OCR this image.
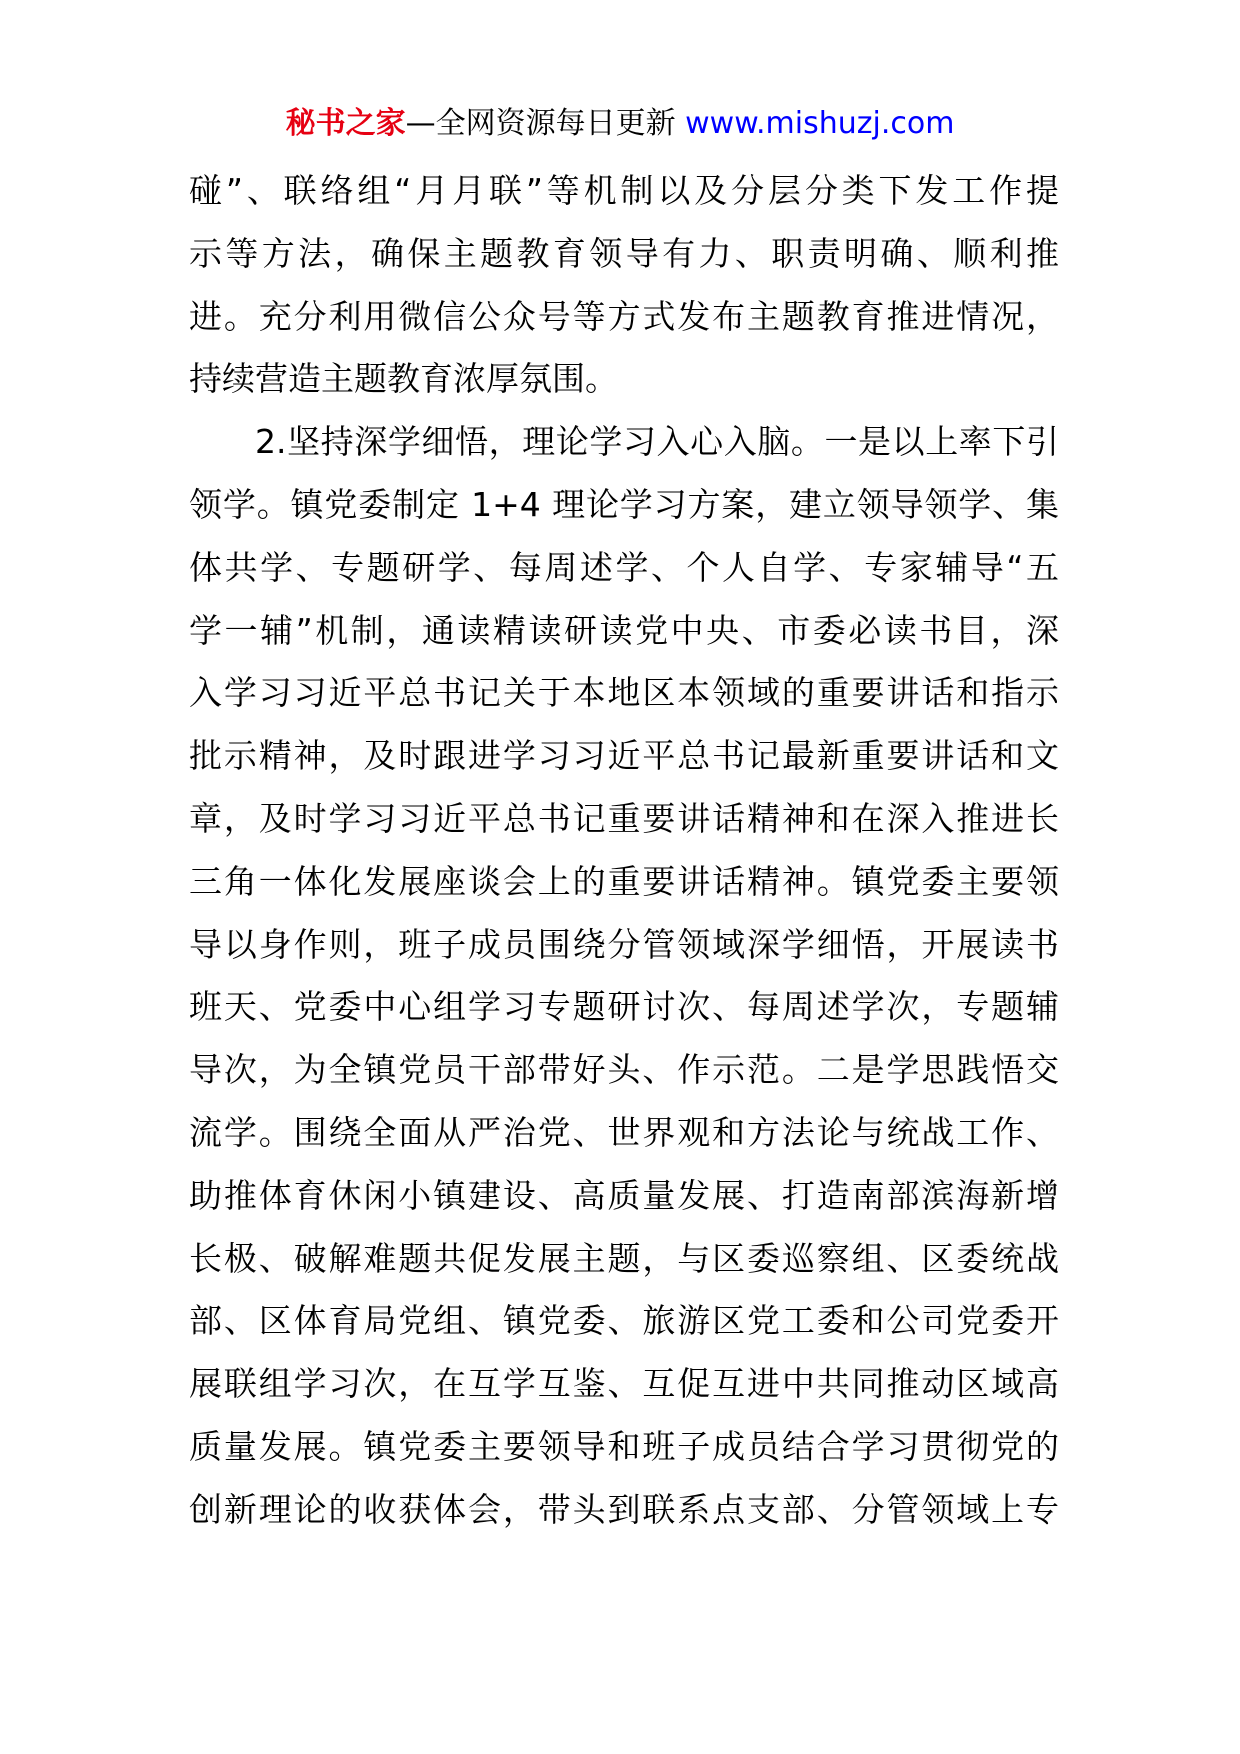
秘书之家—全网资源每日更新 www.mishuzj.com
碰”、联络组“月月联”等机制以及分层分类下发工作提
示等方法，确保主题教育领导有力、职责明确、顺利推
进。充分利用微信公众号等方式发布主题教育推进情况，
持续营造主题教育浓厚氛围。
2.坚持深学细悟，理论学习入心入脑。一是以上率下引
领学。镇党委制定 1+4 理论学习方案，建立领导领学、集
体共学、专题研学、每周述学、个人自学、专家辅导“五
学一辅”机制，通读精读研读党中央、市委必读书目，深
入学习习近平总书记关于本地区本领域的重要讲话和指示
批示精神，及时跟进学习习近平总书记最新重要讲话和文
章，及时学习习近平总书记重要讲话精神和在深入推进长
三角一体化发展座谈会上的重要讲话精神。镇党委主要领
导以身作则，班子成员围绕分管领域深学细悟，开展读书
班天、党委中心组学习专题研讨次、每周述学次，专题辅
导次，为全镇党员干部带好头、作示范。二是学思践悟交
流学。围绕全面从严治党、世界观和方法论与统战工作、
助推体育休闲小镇建设、高质量发展、打造南部滨海新增
长极、破解难题共促发展主题，与区委巡察组、区委统战
部、区体育局党组、镇党委、旅游区党工委和公司党委开
展联组学习次，在互学互鉴、互促互进中共同推动区域高
质量发展。镇党委主要领导和班子成员结合学习贯彻党的
创新理论的收获体会，带头到联系点支部、分管领域上专
